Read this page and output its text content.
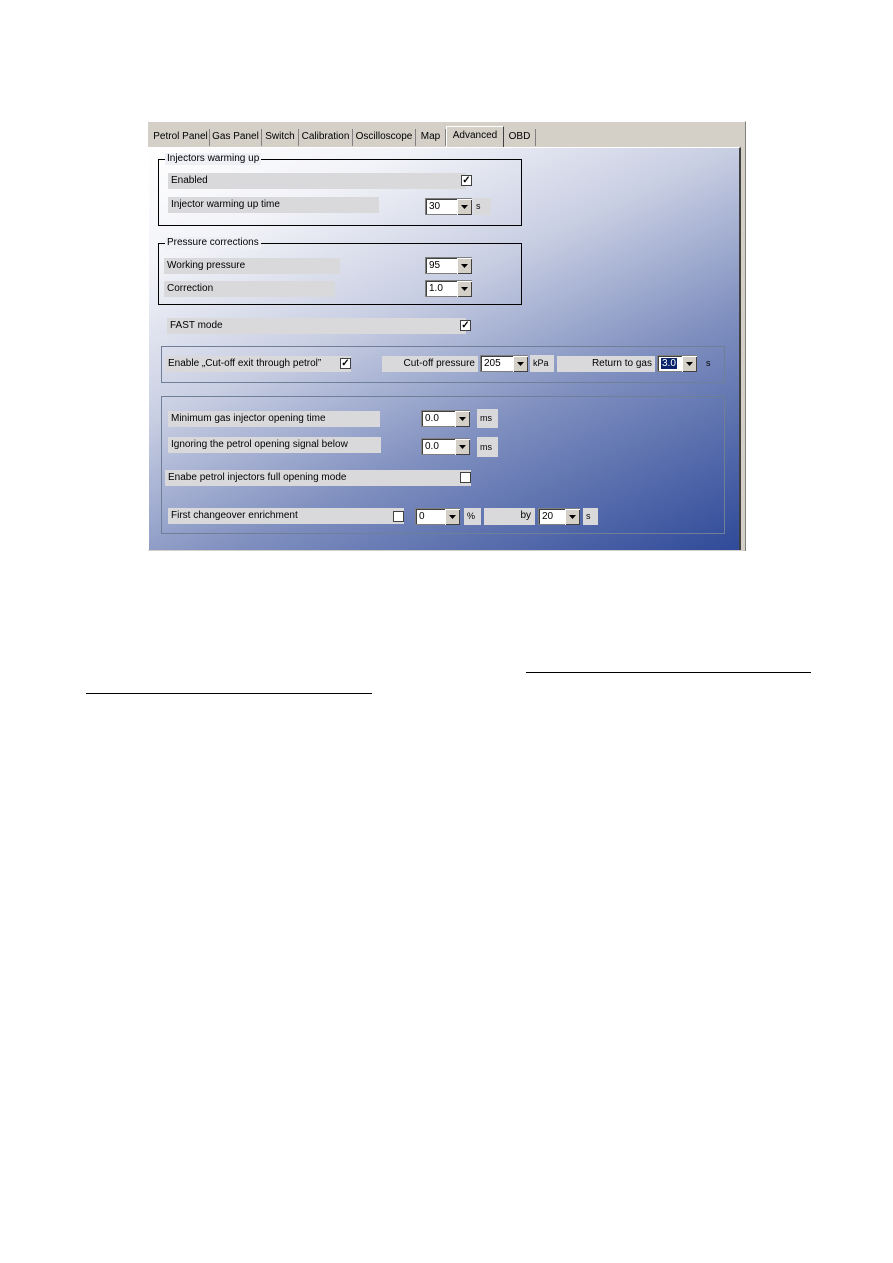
Petrol Panel Gas Panel Switch Calibration Oscilloscope Map	Advanced	OBD
Injectors warming up
Enabled	✓
Injector warming up time	30	s
Pressure corrections
Working pressure	95
Correction	1.0
FAST mode	✓
Enable „Cut-off exit through petrol”	✓	Cut-off pressure 205	kPa	Return to gas	3.0	s
Minimum gas injector opening time	0.0	ms
Ignoring the petrol opening signal below	0.0	ms
Enabe petrol injectors full opening mode
First changeover enrichment	0	%	by	20	s
